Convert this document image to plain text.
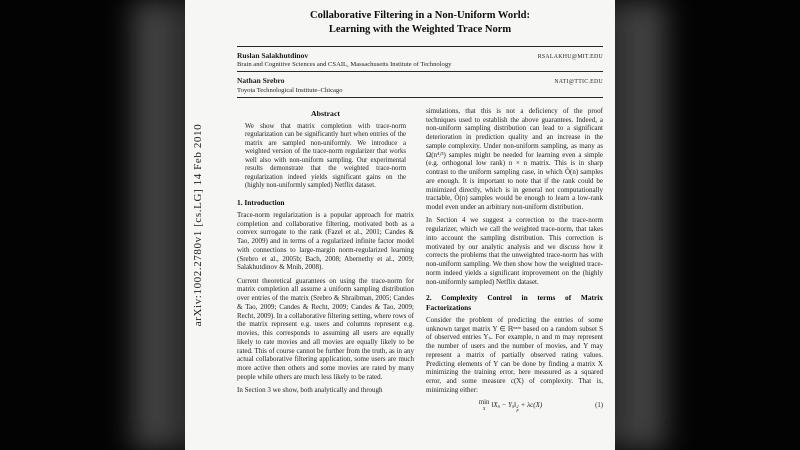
arXiv:1002.2780v1 [cs.LG] 14 Feb 2010
Collaborative Filtering in a Non-Uniform World:
Learning with the Weighted Trace Norm
Ruslan Salakhutdinov	RSALAKHU@MIT.EDU
Brain and Cognitive Sciences and CSAIL, Massachusetts Institute of Technology
Nathan Srebro	NATI@TTIC.EDU
Toyota Technological Institute–Chicago
Abstract
We show that matrix completion with trace-norm regularization can be significantly hurt when entries of the matrix are sampled non-uniformly. We introduce a weighted version of the trace-norm regularizer that works well also with non-uniform sampling. Our experimental results demonstrate that the weighted trace-norm regularization indeed yields significant gains on the (highly non-uniformly sampled) Netflix dataset.
1. Introduction
Trace-norm regularization is a popular approach for matrix completion and collaborative filtering, motivated both as a convex surrogate to the rank (Fazel et al., 2001; Candes & Tao, 2009) and in terms of a regularized infinite factor model with connections to large-margin norm-regularized learning (Srebro et al., 2005b; Bach, 2008; Abernethy et al., 2009; Salakhutdinov & Mnih, 2008).
Current theoretical guarantees on using the trace-norm for matrix completion all assume a uniform sampling distribution over entries of the matrix (Srebro & Shraibman, 2005; Candes & Tao, 2009; Candes & Recht, 2009; Candes & Tao, 2009; Recht, 2009). In a collaborative filtering setting, where rows of the matrix represent e.g. users and columns represent e.g. movies, this corresponds to assuming all users are equally likely to rate movies and all movies are equally likely to be rated. This of course cannot be further from the truth, as in any actual collaborative filtering application, some users are much more active then others and some movies are rated by many people while others are much less likely to be rated.
In Section 3 we show, both analytically and through
simulations, that this is not a deficiency of the proof techniques used to establish the above guarantees. Indeed, a non-uniform sampling distribution can lead to a significant deterioration in prediction quality and an increase in the sample complexity. Under non-uniform sampling, as many as Ω(n⁴/³) samples might be needed for learning even a simple (e.g. orthogonal low rank) n × n matrix. This is in sharp contrast to the uniform sampling case, in which Õ(n) samples are enough. It is important to note that if the rank could be minimized directly, which is in general not computationally tractable, Õ(n) samples would be enough to learn a low-rank model even under an arbitrary non-uniform distribution.
In Section 4 we suggest a correction to the trace-norm regularizer, which we call the weighted trace-norm, that takes into account the sampling distribution. This correction is motivated by our analytic analysis and we discuss how it corrects the problems that the unweighted trace-norm has with non-uniform sampling. We then show how the weighted trace-norm indeed yields a significant improvement on the (highly non-uniformly sampled) Netflix dataset.
2. Complexity Control in terms of Matrix Factorizations
Consider the problem of predicting the entries of some unknown target matrix Y ∈ ℝⁿˣᵐ based on a random subset S of observed entries Yₛ. For example, n and m may represent the number of users and the number of movies, and Y may represent a matrix of partially observed rating values. Predicting elements of Y can be done by finding a matrix X minimizing the training error, here measured as a squared error, and some measure c(X) of complexity. That is, minimizing either:
min
X $‖X_S$ − $Y_S‖$ 2
F
+ λc(X)	(1)
